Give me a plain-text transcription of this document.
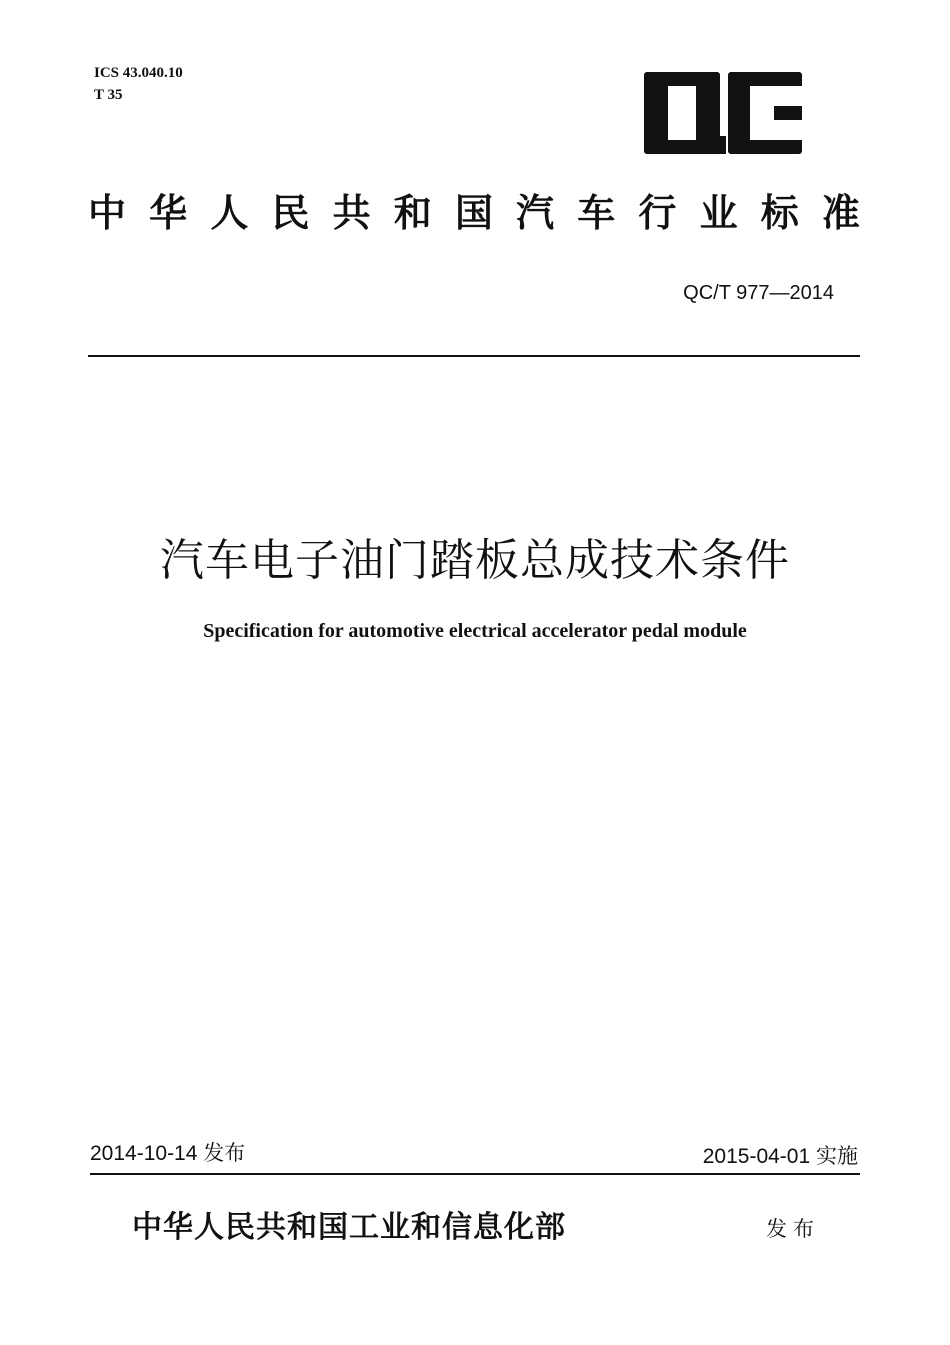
ICS 43.040.10
T 35
中 华 人 民 共 和 国 汽 车 行 业 标 准
QC/T 977—2014
汽车电子油门踏板总成技术条件
Specification for automotive electrical accelerator pedal module
2014-10-14 发布	2015-04-01 实施
中华人民共和国工业和信息化部	发布
